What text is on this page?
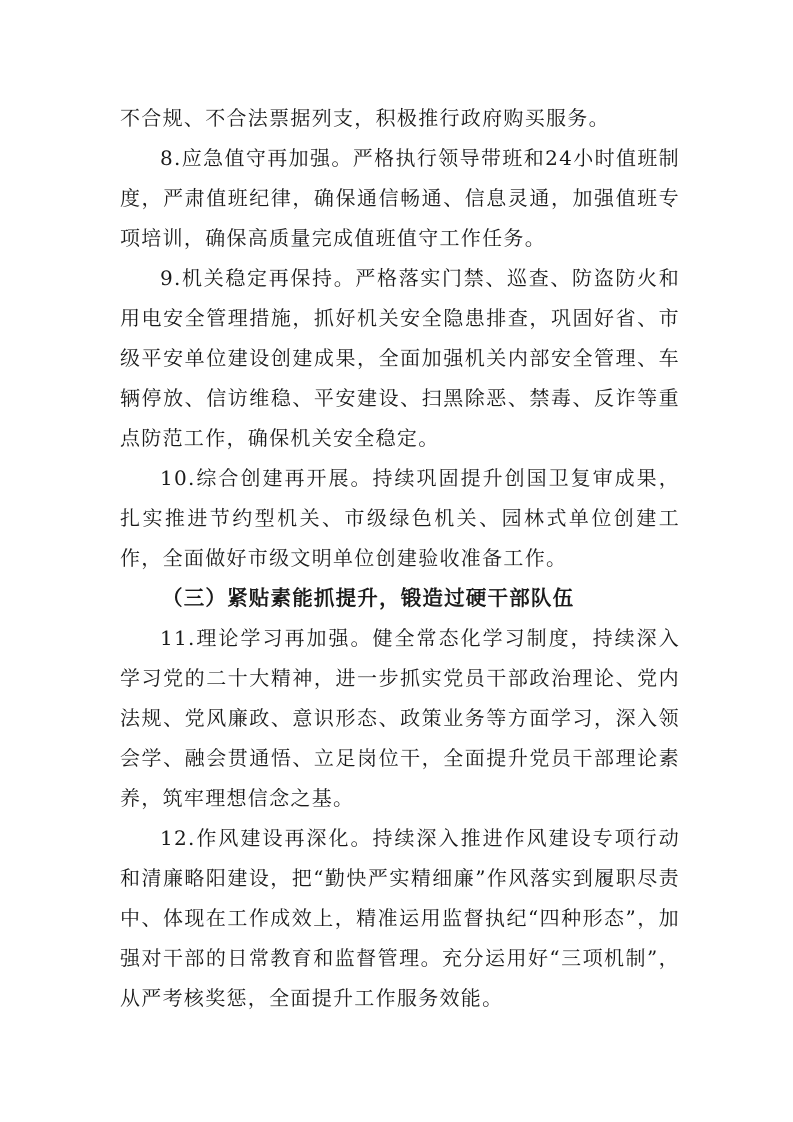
不合规、不合法票据列支，积极推行政府购买服务。

8.应急值守再加强。严格执行领导带班和24小时值班制度，严肃值班纪律，确保通信畅通、信息灵通，加强值班专项培训，确保高质量完成值班值守工作任务。

9.机关稳定再保持。严格落实门禁、巡查、防盗防火和用电安全管理措施，抓好机关安全隐患排查，巩固好省、市级平安单位建设创建成果，全面加强机关内部安全管理、车辆停放、信访维稳、平安建设、扫黑除恶、禁毒、反诈等重点防范工作，确保机关安全稳定。

10.综合创建再开展。持续巩固提升创国卫复审成果，扎实推进节约型机关、市级绿色机关、园林式单位创建工作，全面做好市级文明单位创建验收准备工作。

（三）紧贴素能抓提升，锻造过硬干部队伍

11.理论学习再加强。健全常态化学习制度，持续深入学习党的二十大精神，进一步抓实党员干部政治理论、党内法规、党风廉政、意识形态、政策业务等方面学习，深入领会学、融会贯通悟、立足岗位干，全面提升党员干部理论素养，筑牢理想信念之基。

12.作风建设再深化。持续深入推进作风建设专项行动和清廉略阳建设，把“勤快严实精细廉”作风落实到履职尽责中、体现在工作成效上，精准运用监督执纪“四种形态”，加强对干部的日常教育和监督管理。充分运用好“三项机制”，从严考核奖惩，全面提升工作服务效能。
